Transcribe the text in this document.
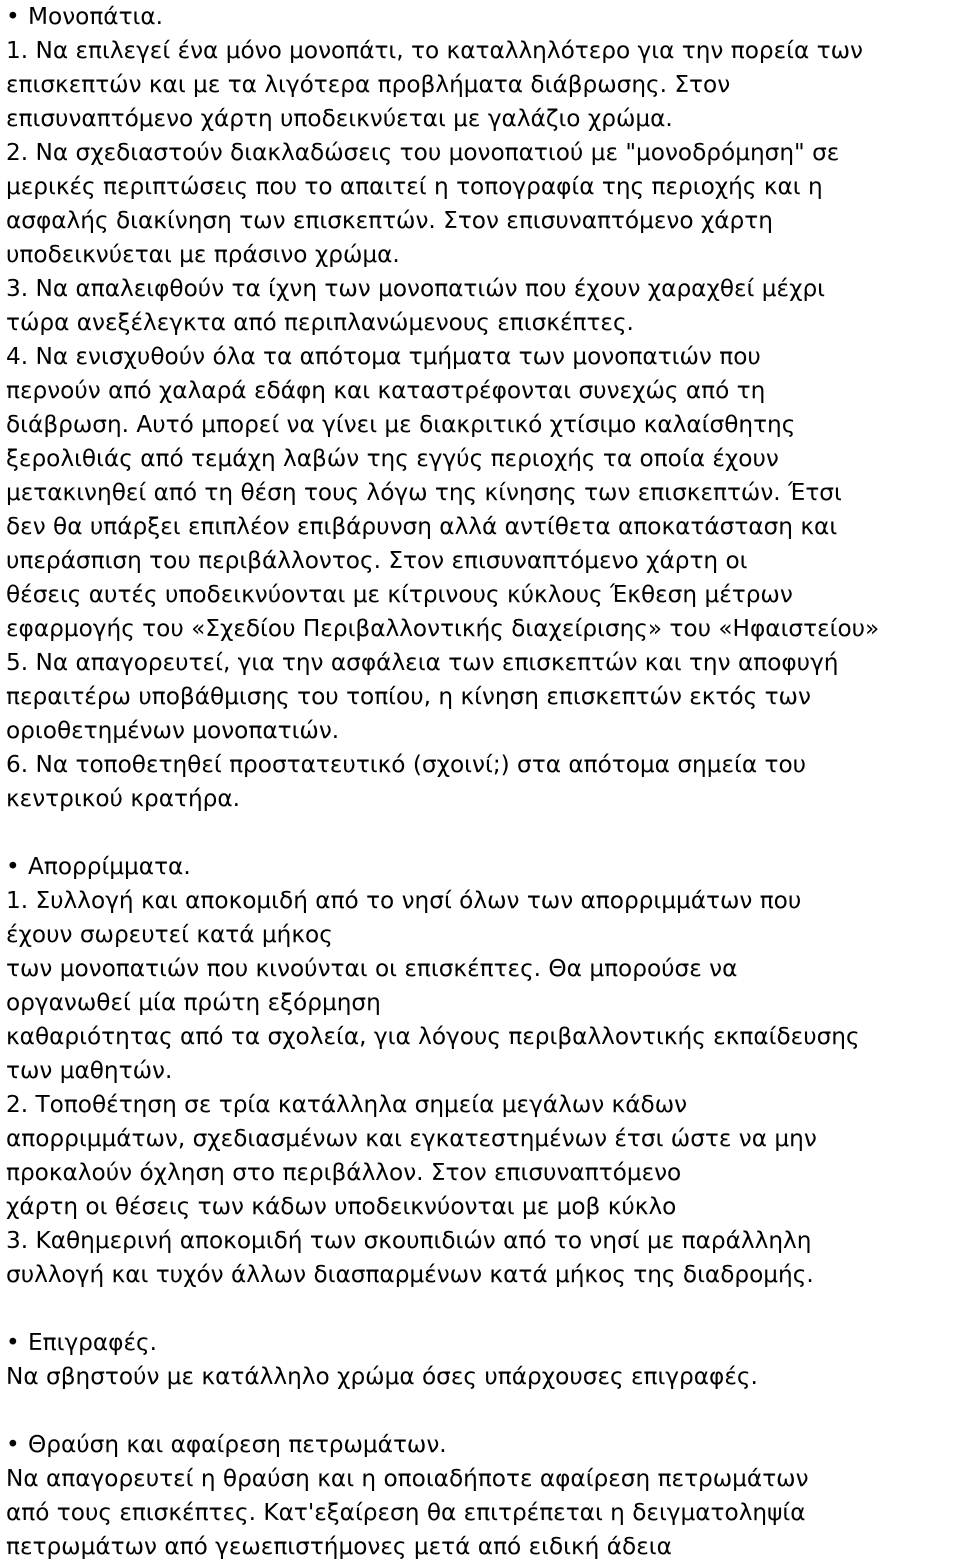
• Μονοπάτια.
1. Να επιλεγεί ένα μόνο μονοπάτι, το καταλληλότερο για την πορεία των
επισκεπτών και με τα λιγότερα προβλήματα διάβρωσης. Στον
επισυναπτόμενο χάρτη υποδεικνύεται με γαλάζιο χρώμα.
2. Να σχεδιαστούν διακλαδώσεις του μονοπατιού με "μονοδρόμηση" σε
μερικές περιπτώσεις που το απαιτεί η τοπογραφία της περιοχής και η
ασφαλής διακίνηση των επισκεπτών. Στον επισυναπτόμενο χάρτη
υποδεικνύεται με πράσινο χρώμα.
3. Να απαλειφθούν τα ίχνη των μονοπατιών που έχουν χαραχθεί μέχρι
τώρα ανεξέλεγκτα από περιπλανώμενους επισκέπτες.
4. Να ενισχυθούν όλα τα απότομα τμήματα των μονοπατιών που
περνούν από χαλαρά εδάφη και καταστρέφονται συνεχώς από τη
διάβρωση. Αυτό μπορεί να γίνει με διακριτικό χτίσιμο καλαίσθητης
ξερολιθιάς από τεμάχη λαβών της εγγύς περιοχής τα οποία έχουν
μετακινηθεί από τη θέση τους λόγω της κίνησης των επισκεπτών. Έτσι
δεν θα υπάρξει επιπλέον επιβάρυνση αλλά αντίθετα αποκατάσταση και
υπεράσπιση του περιβάλλοντος. Στον επισυναπτόμενο χάρτη οι
θέσεις αυτές υποδεικνύονται με κίτρινους κύκλους Έκθεση μέτρων
εφαρμογής του «Σχεδίου Περιβαλλοντικής διαχείρισης» του «Ηφαιστείου»
5. Να απαγορευτεί, για την ασφάλεια των επισκεπτών και την αποφυγή
περαιτέρω υποβάθμισης του τοπίου, η κίνηση επισκεπτών εκτός των
οριοθετημένων μονοπατιών.
6. Να τοποθετηθεί προστατευτικό (σχοινί;) στα απότομα σημεία του
κεντρικού κρατήρα.
• Απορρίμματα.
1. Συλλογή και αποκομιδή από το νησί όλων των απορριμμάτων που
έχουν σωρευτεί κατά μήκος
των μονοπατιών που κινούνται οι επισκέπτες. Θα μπορούσε να
οργανωθεί μία πρώτη εξόρμηση
καθαριότητας από τα σχολεία, για λόγους περιβαλλοντικής εκπαίδευσης
των μαθητών.
2. Τοποθέτηση σε τρία κατάλληλα σημεία μεγάλων κάδων
απορριμμάτων, σχεδιασμένων και εγκατεστημένων έτσι ώστε να μην
προκαλούν όχληση στο περιβάλλον. Στον επισυναπτόμενο
χάρτη οι θέσεις των κάδων υποδεικνύονται με μοβ κύκλο
3. Καθημερινή αποκομιδή των σκουπιδιών από το νησί με παράλληλη
συλλογή και τυχόν άλλων διασπαρμένων κατά μήκος της διαδρομής.
• Επιγραφές.
Να σβηστούν με κατάλληλο χρώμα όσες υπάρχουσες επιγραφές.
• Θραύση και αφαίρεση πετρωμάτων.
Να απαγορευτεί η θραύση και η οποιαδήποτε αφαίρεση πετρωμάτων
από τους επισκέπτες. Κατ'εξαίρεση θα επιτρέπεται η δειγματοληψία
πετρωμάτων από γεωεπιστήμονες μετά από ειδική άδεια
